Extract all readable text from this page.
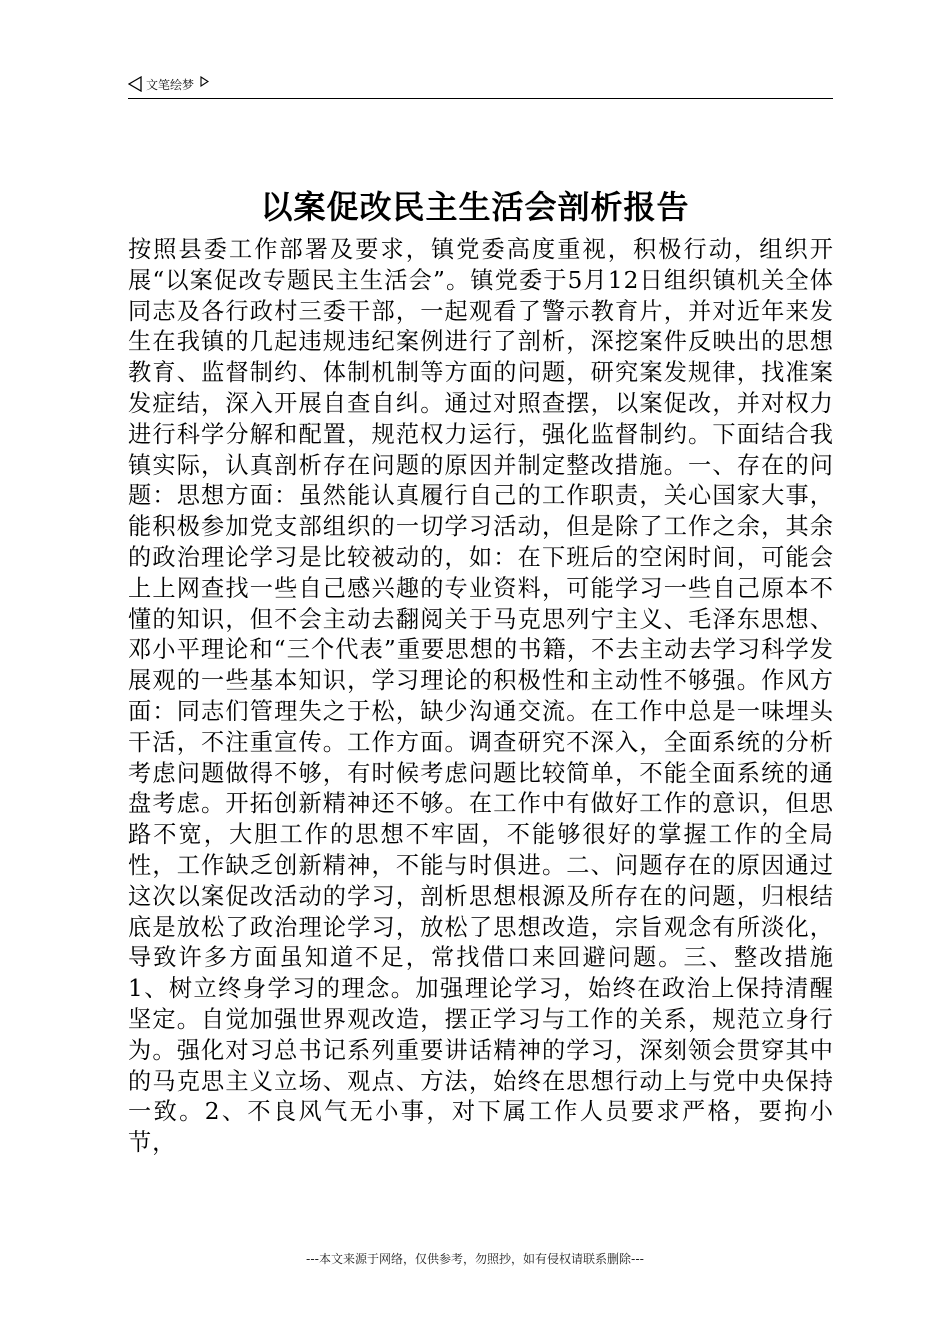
文笔绘梦
以案促改民主生活会剖析报告
按照县委工作部署及要求，镇党委高度重视，积极行动，组织开展“以案促改专题民主生活会”。镇党委于5月12日组织镇机关全体同志及各行政村三委干部，一起观看了警示教育片，并对近年来发生在我镇的几起违规违纪案例进行了剖析，深挖案件反映出的思想教育、监督制约、体制机制等方面的问题，研究案发规律，找准案发症结，深入开展自查自纠。通过对照查摆，以案促改，并对权力进行科学分解和配置，规范权力运行，强化监督制约。下面结合我镇实际，认真剖析存在问题的原因并制定整改措施。一、存在的问题：思想方面：虽然能认真履行自己的工作职责，关心国家大事，能积极参加党支部组织的一切学习活动，但是除了工作之余，其余的政治理论学习是比较被动的，如：在下班后的空闲时间，可能会上上网查找一些自己感兴趣的专业资料，可能学习一些自己原本不懂的知识，但不会主动去翻阅关于马克思列宁主义、毛泽东思想、邓小平理论和“三个代表”重要思想的书籍，不去主动去学习科学发展观的一些基本知识，学习理论的积极性和主动性不够强。作风方面：同志们管理失之于松，缺少沟通交流。在工作中总是一味埋头干活，不注重宣传。工作方面。调查研究不深入，全面系统的分析考虑问题做得不够，有时候考虑问题比较简单，不能全面系统的通盘考虑。开拓创新精神还不够。在工作中有做好工作的意识，但思路不宽，大胆工作的思想不牢固，不能够很好的掌握工作的全局性，工作缺乏创新精神，不能与时俱进。二、问题存在的原因通过这次以案促改活动的学习，剖析思想根源及所存在的问题，归根结底是放松了政治理论学习，放松了思想改造，宗旨观念有所淡化，导致许多方面虽知道不足，常找借口来回避问题。三、整改措施1、树立终身学习的理念。加强理论学习，始终在政治上保持清醒坚定。自觉加强世界观改造，摆正学习与工作的关系，规范立身行为。强化对习总书记系列重要讲话精神的学习，深刻领会贯穿其中的马克思主义立场、观点、方法，始终在思想行动上与党中央保持一致。2、不良风气无小事，对下属工作人员要求严格，要拘小节，
---本文来源于网络，仅供参考，勿照抄，如有侵权请联系删除---
